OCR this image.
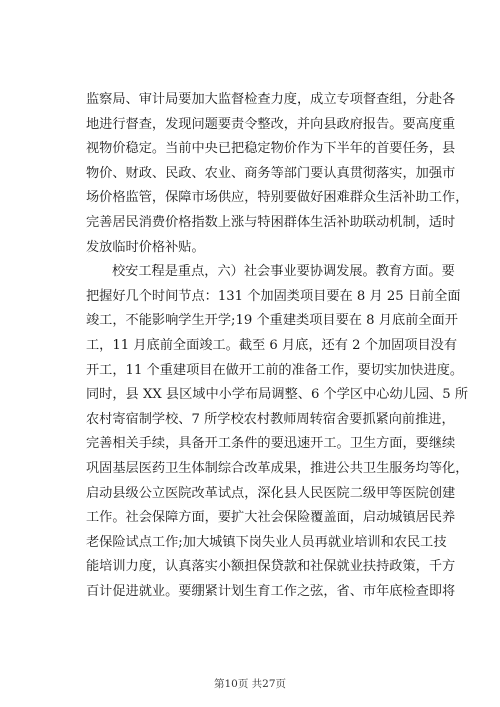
监察局、审计局要加大监督检查力度，成立专项督查组，分赴各
地进行督查，发现问题要责令整改，并向县政府报告。要高度重
视物价稳定。当前中央已把稳定物价作为下半年的首要任务，县
物价、财政、民政、农业、商务等部门要认真贯彻落实，加强市
场价格监管，保障市场供应，特别要做好困难群众生活补助工作，
完善居民消费价格指数上涨与特困群体生活补助联动机制，适时
发放临时价格补贴。
校安工程是重点，六）社会事业要协调发展。教育方面。要
把握好几个时间节点：131 个加固类项目要在 8 月 25 日前全面
竣工，不能影响学生开学;19 个重建类项目要在 8 月底前全面开
工，11 月底前全面竣工。截至 6 月底，还有 2 个加固项目没有
开工，11 个重建项目在做开工前的准备工作，要切实加快进度。
同时，县 XX 县区域中小学布局调整、6 个学区中心幼儿园、5 所
农村寄宿制学校、7 所学校农村教师周转宿舍要抓紧向前推进，
完善相关手续，具备开工条件的要迅速开工。卫生方面，要继续
巩固基层医药卫生体制综合改革成果，推进公共卫生服务均等化，
启动县级公立医院改革试点，深化县人民医院二级甲等医院创建
工作。社会保障方面，要扩大社会保险覆盖面，启动城镇居民养
老保险试点工作;加大城镇下岗失业人员再就业培训和农民工技
能培训力度，认真落实小额担保贷款和社保就业扶持政策，千方
百计促进就业。要绷紧计划生育工作之弦，省、市年底检查即将
第10页 共27页
